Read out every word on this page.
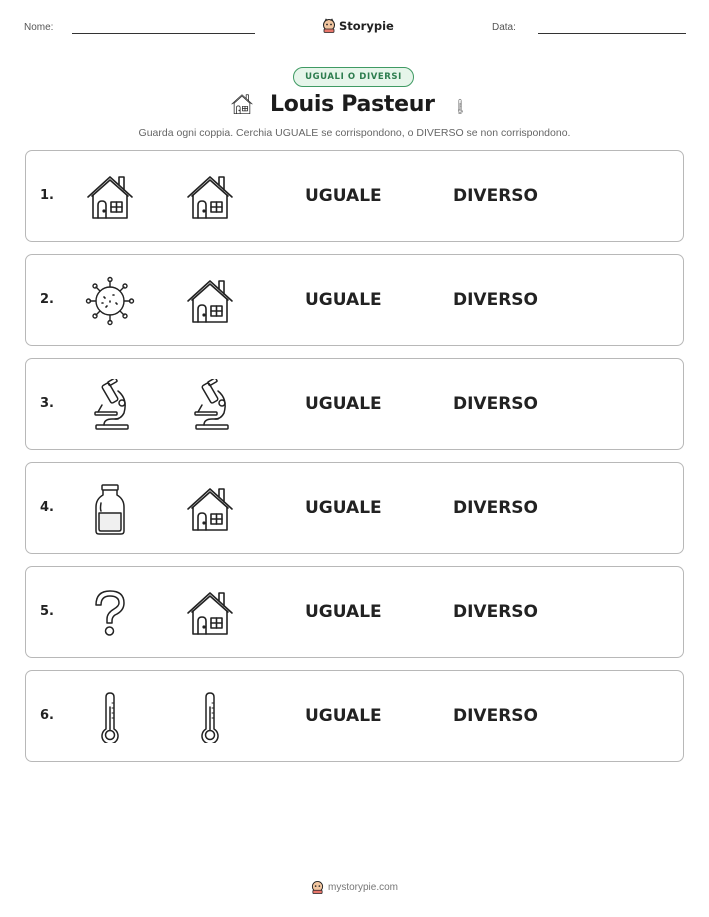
Nome:	Storypie	Data:
UGUALI O DIVERSI
Louis Pasteur
Guarda ogni coppia. Cerchia UGUALE se corrispondono, o DIVERSO se non corrispondono.
1.	UGUALE	DIVERSO
2.	UGUALE	DIVERSO
3.	UGUALE	DIVERSO
4.	UGUALE	DIVERSO
5.	UGUALE	DIVERSO
6.	UGUALE	DIVERSO
mystorypie.com
